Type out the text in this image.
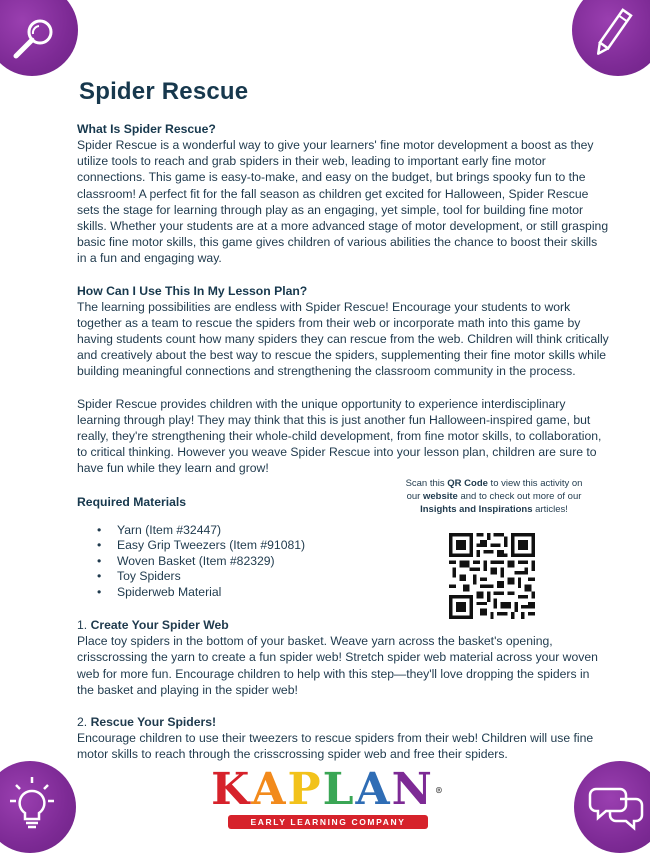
Spider Rescue

What Is Spider Rescue?

Spider Rescue is a wonderful way to give your learners' fine motor development a boost as they utilize tools to reach and grab spiders in their web, leading to important early fine motor connections. This game is easy-to-make, and easy on the budget, but brings spooky fun to the classroom! A perfect fit for the fall season as children get excited for Halloween, Spider Rescue sets the stage for learning through play as an engaging, yet simple, tool for building fine motor skills. Whether your students are at a more advanced stage of motor development, or still grasping basic fine motor skills, this game gives children of various abilities the chance to boost their skills in a fun and engaging way.

How Can I Use This In My Lesson Plan?

The learning possibilities are endless with Spider Rescue! Encourage your students to work together as a team to rescue the spiders from their web or incorporate math into this game by having students count how many spiders they can rescue from the web. Children will think critically and creatively about the best way to rescue the spiders, supplementing their fine motor skills while building meaningful connections and strengthening the classroom community in the process.

Spider Rescue provides children with the unique opportunity to experience interdisciplinary learning through play! They may think that this is just another fun Halloween-inspired game, but really, they're strengthening their whole-child development, from fine motor skills, to collaboration, to critical thinking. However you weave Spider Rescue into your lesson plan, children are sure to have fun while they learn and grow!

Required Materials

• Yarn (Item #32447)
• Easy Grip Tweezers (Item #91081)
• Woven Basket (Item #82329)
• Toy Spiders
• Spiderweb Material
Scan this QR Code to view this activity on our website and to check out more of our Insights and Inspirations articles!

1. Create Your Spider Web

Place toy spiders in the bottom of your basket. Weave yarn across the basket's opening, crisscrossing the yarn to create a fun spider web! Stretch spider web material across your woven web for more fun. Encourage children to help with this step—they'll love dropping the spiders in the basket and playing in the spider web!

2. Rescue Your Spiders!

Encourage children to use their tweezers to rescue spiders from their web! Children will use fine motor skills to reach through the crisscrossing spider web and free their spiders.

K A P L A N ®
EARLY LEARNING COMPANY
